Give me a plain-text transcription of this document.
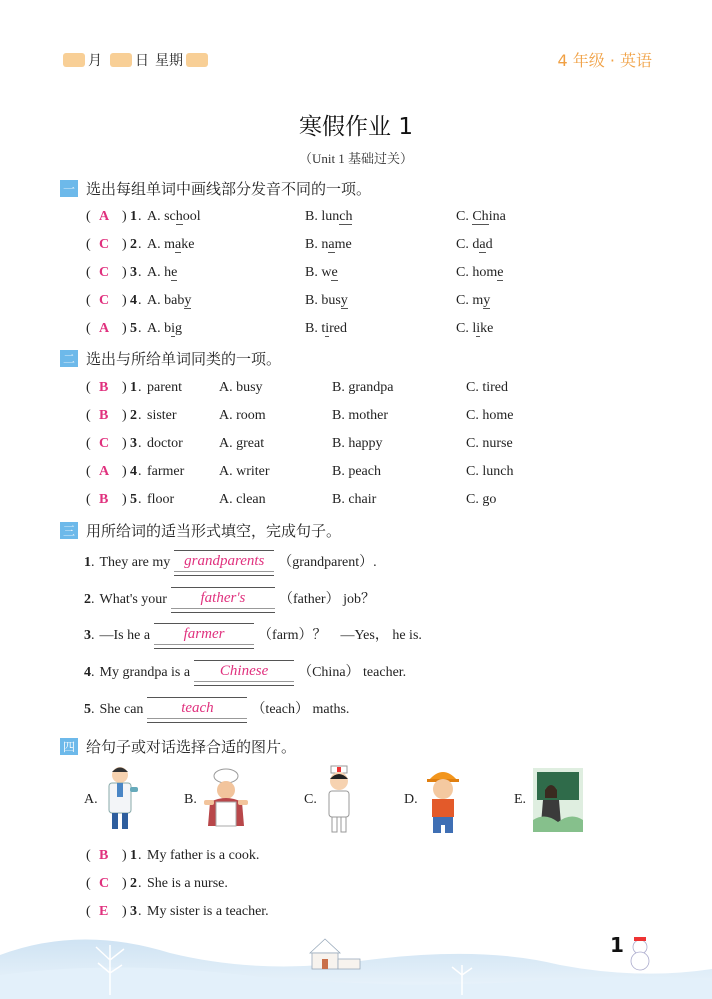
月 日 星期	4 年级 · 英语
寒假作业 1
（Unit 1 基础过关）
一 选出每组单词中画线部分发音不同的一项。
( A ) 1 . A. school	B. lunch	C. China
( C ) 2 . A. make	B. name	C. dad
( C ) 3 . A. he	B. we	C. home
( C ) 4 . A. baby	B. busy	C. my
( A ) 5 . A. big	B. tired	C. like
二 选出与所给单词同类的一项。
( B ) 1 . parent	A. busy	B. grandpa	C. tired
( B ) 2 . sister	A. room	B. mother	C. home
( C ) 3 . doctor	A. great	B. happy	C. nurse
( A ) 4 . farmer A. writer	B. peach	C. lunch
( B ) 5 . floor	A. clean	B. chair	C. go
三 用所给词的适当形式填空，完成句子。
1 . They are my grandparents （grandparent）.
2 . What's your	father's	（father） job？
3 . —Is he a	farmer	（farm）？　—Yes， he is.
4 . My grandpa is a	Chinese	（China） teacher.
5 . She can	teach	（teach） maths.
四 给句子或对话选择合适的图片。
A.	B.	C.	D.	E.
( B ) 1 . My father is a cook.
( C ) 2 . She is a nurse.
( E ) 3 . My sister is a teacher.
1
